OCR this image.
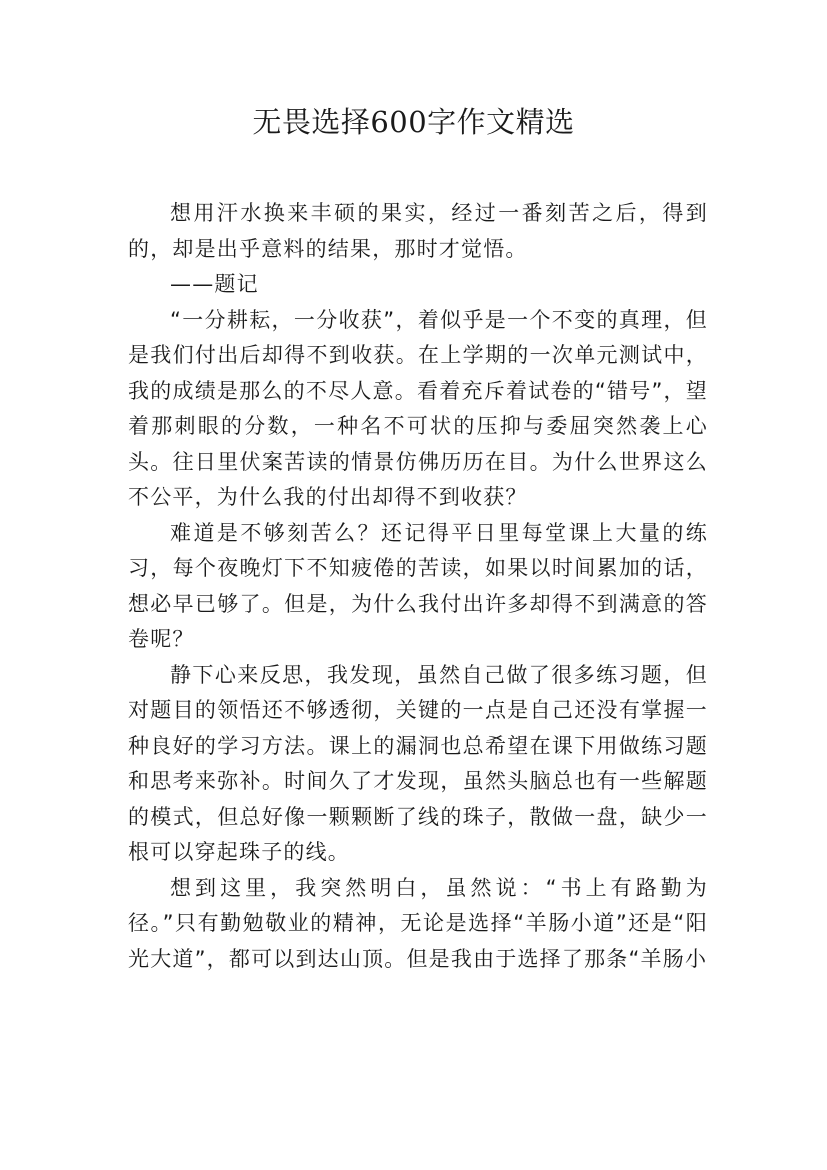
无畏选择600字作文精选

想用汗水换来丰硕的果实，经过一番刻苦之后，得到的，却是出乎意料的结果，那时才觉悟。

——题记

“一分耕耘，一分收获”，着似乎是一个不变的真理，但是我们付出后却得不到收获。在上学期的一次单元测试中，我的成绩是那么的不尽人意。看着充斥着试卷的“错号”，望着那刺眼的分数，一种名不可状的压抑与委屈突然袭上心头。往日里伏案苦读的情景仿佛历历在目。为什么世界这么不公平，为什么我的付出却得不到收获？

难道是不够刻苦么？还记得平日里每堂课上大量的练习，每个夜晚灯下不知疲倦的苦读，如果以时间累加的话，想必早已够了。但是，为什么我付出许多却得不到满意的答卷呢？

静下心来反思，我发现，虽然自己做了很多练习题，但对题目的领悟还不够透彻，关键的一点是自己还没有掌握一种良好的学习方法。课上的漏洞也总希望在课下用做练习题和思考来弥补。时间久了才发现，虽然头脑总也有一些解题的模式，但总好像一颗颗断了线的珠子，散做一盘，缺少一根可以穿起珠子的线。

想到这里，我突然明白，虽然说：“书上有路勤为径。”只有勤勉敬业的精神，无论是选择“羊肠小道”还是“阳光大道”，都可以到达山顶。但是我由于选择了那条“羊肠小
